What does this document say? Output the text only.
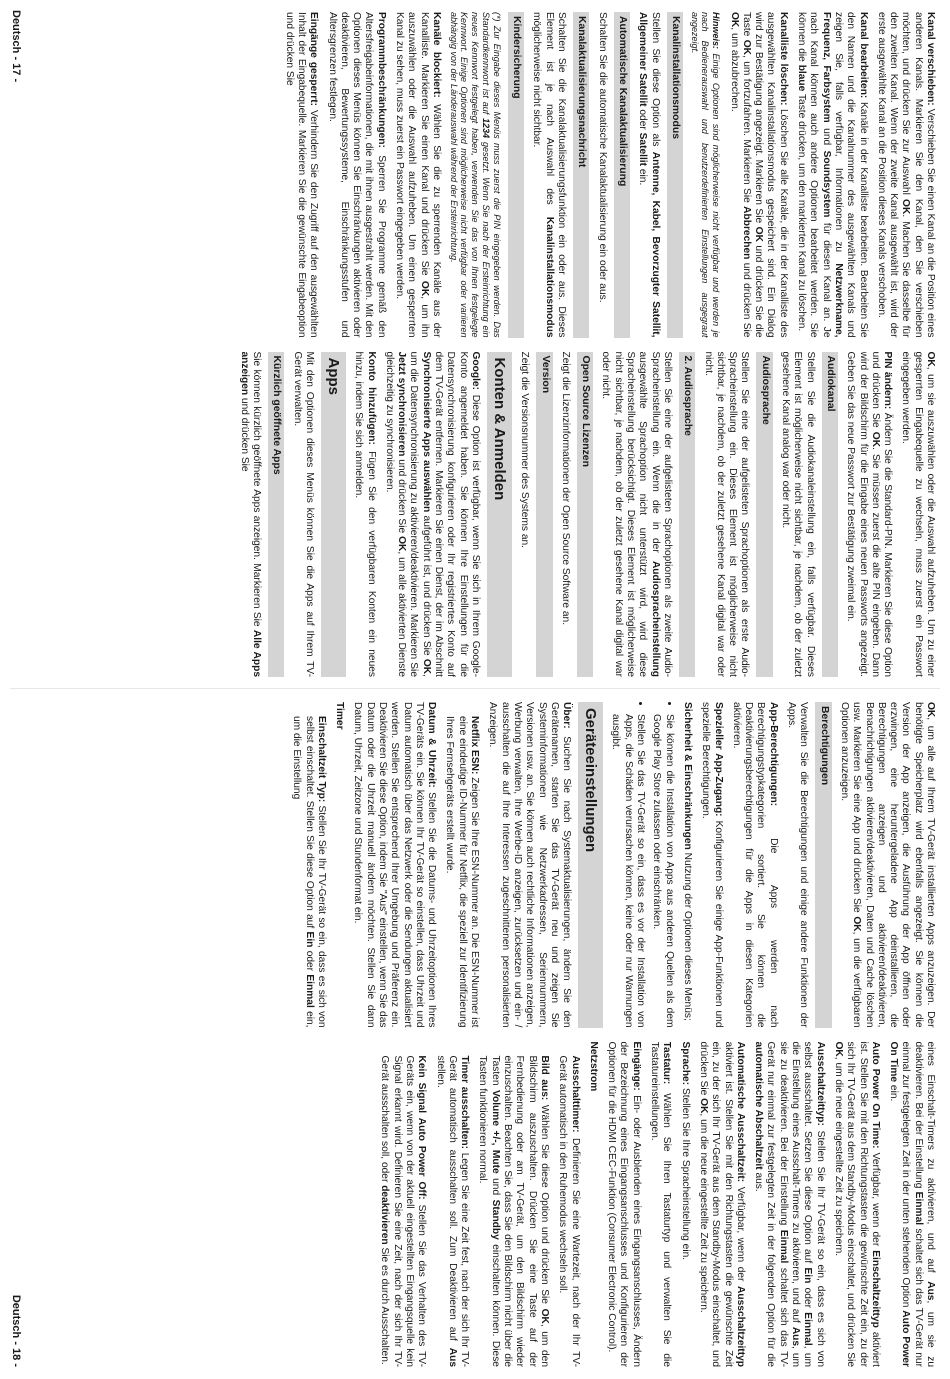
Kanal verschieben: Verschieben Sie einen Kanal an die Position eines anderen Kanals. Markieren Sie den Kanal, den Sie verschieben möchten, und drücken Sie zur Auswahl OK. Machen Sie dasselbe für den zweiten Kanal. Wenn der zweite Kanal ausgewählt ist, wird der erste ausgewählte Kanal an die Position dieses Kanals verschoben.

Kanal bearbeiten: Kanäle in der Kanalliste bearbeiten. Bearbeiten Sie den Namen und die Kanalnummer des ausgewählten Kanals und zeigen Sie, falls verfügbar, Informationen zu Netzwerkname, Frequenz, Farbsystem und Soundsystem für diesen Kanal an. Je nach Kanal können auch andere Optionen bearbeitet werden. Sie können die blaue Taste drücken, um den markierten Kanal zu löschen.

Kanalliste löschen: Löschen Sie alle Kanäle, die in der Kanalliste des ausgewählten Kanalinstallationsmodus gespeichert sind. Ein Dialog wird zur Bestätigung angezeigt. Markieren Sie OK und drücken Sie die Taste OK, um fortzufahren. Markieren Sie Abbrechen und drücken Sie OK, um abzubrechen.

Hinweis: Einige Optionen sind möglicherweise nicht verfügbar und werden je nach Bedienerauswahl und benutzerdefinierten Einstellungen ausgegraut angezeigt.

Kanalinstallationsmodus

Stellen Sie diese Option als Antenne, Kabel, Bevorzugter Satellit, Allgemeiner Satellit oder Satellit ein.

Automatische Kanalaktualisierung

Schalten Sie die automatische Kanalaktualisierung ein oder aus.

Kanalaktualisierungsnachricht

Schalten Sie die Kanalaktualisierungsfunktion ein oder aus. Dieses Element ist je nach Auswahl des Kanalinstallationsmodus möglicherweise nicht sichtbar.

Kindersicherung

(*) Zur Eingabe dieses Menüs muss zuerst die PIN eingegeben werden. Das Standardkennwort ist auf 1234 gesetzt. Wenn Sie nach der Ersteinrichtung ein neues Kennwort festgelegt haben, verwenden Sie das von Ihnen festgelegte Kennwort. Einige Optionen sind möglicherweise nicht verfügbar oder variieren abhängig von der Länderauswahl während der Ersteinrichtung.

Kanäle blockiert: Wählen Sie die zu sperrenden Kanäle aus der Kanalliste. Markieren Sie einen Kanal und drücken Sie OK, um ihn auszuwählen oder die Auswahl aufzuheben. Um einen gesperrten Kanal zu sehen, muss zuerst ein Passwort eingegeben werden.

Programmbeschränkungen: Sperren Sie Programme gemäß den Altersfreigabeinformationen, die mit ihnen ausgestrahlt werden. Mit den Optionen dieses Menüs können Sie Einschränkungen aktivieren oder deaktivieren, Bewertungssysteme, Einschränkungsstufen und Altersgrenzen festlegen.

Eingänge gesperrt: Verhindern Sie den Zugriff auf den ausgewählten Inhalt der Eingabequelle. Markieren Sie die gewünschte Eingabeoption und drücken Sie

OK, um sie auszuwählen oder die Auswahl aufzuheben. Um zu einer gesperrten Eingabequelle zu wechseln, muss zuerst ein Passwort eingegeben werden.

PIN ändern: Ändern Sie die Standard-PIN. Markieren Sie diese Option und drücken Sie OK. Sie müssen zuerst die alte PIN eingeben. Dann wird der Bildschirm für die Eingabe eines neuen Passworts angezeigt. Geben Sie das neue Passwort zur Bestätigung zweimal ein.

Audiokanal

Stellen Sie die Audiokanaleinstellung ein, falls verfügbar. Dieses Element ist möglicherweise nicht sichtbar, je nachdem, ob der zuletzt gesehene Kanal analog war oder nicht.

Audiosprache

Stellen Sie eine der aufgelisteten Sprachoptionen als erste Audio-Spracheinstellung ein. Dieses Element ist möglicherweise nicht sichtbar, je nachdem, ob der zuletzt gesehene Kanal digital war oder nicht.

2. Audiosprache

Stellen Sie eine der aufgelisteten Sprachoptionen als zweite Audio-Spracheinstellung ein. Wenn die in der Audiospracheinstellung ausgewählte Sprachoption nicht unterstützt wird, wird diese Spracheinstellung berücksichtigt. Dieses Element ist möglicherweise nicht sichtbar, je nachdem, ob der zuletzt gesehene Kanal digital war oder nicht.

Open Source Lizenzen

Zeigt die Lizenzinformationen der Open Source Software an.

Version

Zeigt die Versionsnummer des Systems an.

Konten & Anmelden

Google: Diese Option ist verfügbar, wenn Sie sich in Ihrem Google-Konto angemeldet haben. Sie können Ihre Einstellungen für die Datensynchronisierung konfigurieren oder Ihr registriertes Konto auf dem TV-Gerät entfernen. Markieren Sie einen Dienst, der im Abschnitt Synchronisierte Apps auswählen aufgeführt ist, und drücken Sie OK, um die Datensynchronisierung zu aktivieren/deaktivieren. Markieren Sie Jetzt synchronisieren und drücken Sie OK, um alle aktivierten Dienste gleichzeitig zu synchronisieren.

Konto hinzufügen: Fügen Sie den verfügbaren Konten ein neues hinzu, indem Sie sich anmelden.

Apps

Mit den Optionen dieses Menüs können Sie die Apps auf Ihrem TV-Gerät verwalten.

Kürzlich geöffnete Apps

Sie können kürzlich geöffnete Apps anzeigen. Markieren Sie Alle Apps anzeigen und drücken Sie

Deutsch - 17 -

OK, um alle auf Ihrem TV-Gerät installierten Apps anzuzeigen. Der benötigte Speicherplatz wird ebenfalls angezeigt. Sie können die Version der App anzeigen, die Ausführung der App öffnen oder erzwingen, eine heruntergeladene App deinstallieren, die Berechtigungen anzeigen und aktivieren/deaktivieren, Benachrichtigungen aktivieren/deaktivieren, Daten und Cache löschen usw. Markieren Sie eine App und drücken Sie OK, um die verfügbaren Optionen anzuzeigen.

Berechtigungen

Verwalten Sie die Berechtigungen und einige andere Funktionen der Apps.

App-Berechtigungen: Die Apps werden nach Berechtigungstypkategorien sortiert. Sie können die Deaktivierungsberechtigungen für die Apps in diesen Kategorien aktivieren.

Spezieller App-Zugang: Konfigurieren Sie einige App-Funktionen und spezielle Berechtigungen.

Sicherheit & Einschränkungen Nutzung der Optionen dieses Menüs;

• Sie können die Installation von Apps aus anderen Quellen als dem Google Play Store zulassen oder einschränken.
• Stellen Sie das TV-Gerät so ein, dass es vor der Installation von Apps, die Schäden verursachen können, keine oder nur Warnungen ausgibt.
Geräteeinstellungen

Über: Suchen Sie nach Systemaktualisierungen, ändern Sie den Gerätenamen, starten Sie das TV-Gerät neu und zeigen Sie Systeminformationen wie Netzwerkadressen, Seriennummern, Versionen usw. an. Sie können auch rechtliche Informationen anzeigen, Werbung verwalten, Ihre Werbe-ID anzeigen, zurücksetzen und ein- / ausschalten die auf Ihre Interessen zugeschnittenen personalisierten Anzeigen.

Netflix ESN: Zeigen Sie Ihre ESN-Nummer an. Die ESN-Nummer ist eine eindeutige ID-Nummer für Netflix, die speziell zur Identifizierung Ihres Fernsehgeräts erstellt wurde.

Datum & Uhrzeit: Stellen Sie die Datums- und Uhrzeitoptionen Ihres TV-Geräts ein. Sie können Ihr TV-Gerät so einstellen, dass Uhrzeit und Datum automatisch über das Netzwerk oder die Sendungen aktualisiert werden. Stellen Sie entsprechend Ihrer Umgebung und Präferenz ein. Deaktivieren Sie diese Option, indem Sie "Aus" einstellen, wenn Sie das Datum oder die Uhrzeit manuell ändern möchten. Stellen Sie dann Datum, Uhrzeit, Zeitzone und Stundenformat ein.

Timer

Einschaltzeit Typ: Stellen Sie Ihr TV-Gerät so ein, dass es sich von selbst einschaltet. Stellen Sie diese Option auf Ein oder Einmal ein, um die Einstellung

eines Einschalt-Timers zu aktivieren, und auf Aus, um sie zu deaktivieren. Bei der Einstellung Einmal schaltet sich das TV-Gerät nur einmal zur festgelegten Zeit in der unten stehenden Option Auto Power On Time ein.

Auto Power On Time: Verfügbar, wenn der Einschaltzeittyp aktiviert ist. Stellen Sie mit den Richtungstasten die gewünschte Zeit ein, zu der sich Ihr TV-Gerät aus dem Standby-Modus einschaltet, und drücken Sie OK, um die neue eingestellte Zeit zu speichern.

Ausschaltzeittyp: Stellen Sie Ihr TV-Gerät so ein, dass es sich von selbst ausschaltet. Setzen Sie diese Option auf Ein oder Einmal, um die Einstellung eines Ausschalt-Timers zu aktivieren, und auf Aus, um sie zu deaktivieren. Bei der Einstellung Einmal schaltet sich das TV-Gerät nur einmal zur festgelegten Zeit in der folgenden Option für die automatische Abschaltzeit aus.

Automatische Ausschaltzeit: Verfügbar, wenn der Ausschaltzeittyp aktiviert ist. Stellen Sie mit den Richtungstasten die gewünschte Zeit ein, zu der sich Ihr TV-Gerät aus dem Standby-Modus einschaltet, und drücken Sie OK, um die neue eingestellte Zeit zu speichern.

Sprache: Stellen Sie Ihre Spracheinstellung ein.

Tastatur: Wählen Sie Ihren Tastaturtyp und verwalten Sie die Tastatureinstellungen.

Eingänge: Ein- oder Ausblenden eines Eingangsanschlusses, Ändern der Bezeichnung eines Eingangsanschlusses und Konfigurieren der Optionen für die HDMI CEC-Funktion (Consumer Electronic Control).

Netzstrom

Ausschalttimer: Definieren Sie eine Wartezeit, nach der Ihr TV-Gerät automatisch in den Ruhemodus wechseln soll.

Bild aus: Wählen Sie diese Option und drücken Sie OK, um den Bildschirm auszuschalten. Drücken Sie eine Taste auf der Fernbedienung oder am TV-Gerät, um den Bildschirm wieder einzuschalten. Beachten Sie, dass Sie den Bildschirm nicht über die Tasten Volume +/-, Mute und Standby einschalten können. Diese Tasten funktionieren normal.

Timer ausschalten: Legen Sie eine Zeit fest, nach der sich Ihr TV-Gerät automatisch ausschalten soll. Zum Deaktivieren auf Aus stellen.

Kein Signal Auto Power Off: Stellen Sie das Verhalten des TV-Geräts ein, wenn von der aktuell eingestellten Eingangsquelle kein Signal erkannt wird. Definieren Sie eine Zeit, nach der sich Ihr TV-Gerät ausschalten soll, oder deaktivieren Sie es durch Ausschalten.

Deutsch - 18 -
